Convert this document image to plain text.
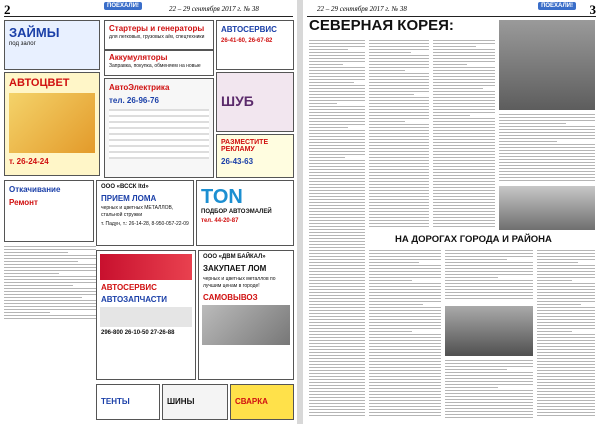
2	ПОЕХАЛИ!	22 – 29 сентября 2017 г. № 38
ЗАЙМЫ
под залог
АВТОЦВЕТ
т. 26-24-24
Откачивание
Ремонт
Стартеры и генераторы
для легковых, грузовых а/м, спецтехники
Аккумуляторы
Заправка, покупка, обменяем на новые
АвтоЭлектрика
тел. 26-96-76
АВТОСЕРВИС
26-41-60, 26-67-82
ШУБ
РАЗМЕСТИТЕ РЕКЛАМУ
26-43-63
ООО «ВССК ltd»
ПРИЕМ ЛОМА
черных и цветных МЕТАЛЛОВ, стальной стружки
т. Падун, т.: 26-14-28, 8-950-057-22-09
TON
ПОДБОР АВТОЭМАЛЕЙ
тел. 44-20-87
АВТОСЕРВИС
АВТОЗАПЧАСТИ
296-800 26-10-50 27-26-88
ООО «ДВМ БАЙКАЛ»
ЗАКУПАЕТ ЛОМ
черных и цветных металлов по лучшим ценам в городе!
САМОВЫВОЗ
ТЕНТЫ	ШИНЫ	СВАРКА
22 – 29 сентября 2017 г. № 38	ПОЕХАЛИ! 3
СЕВЕРНАЯ КОРЕЯ:
НА ДОРОГАХ ГОРОДА И РАЙОНА
